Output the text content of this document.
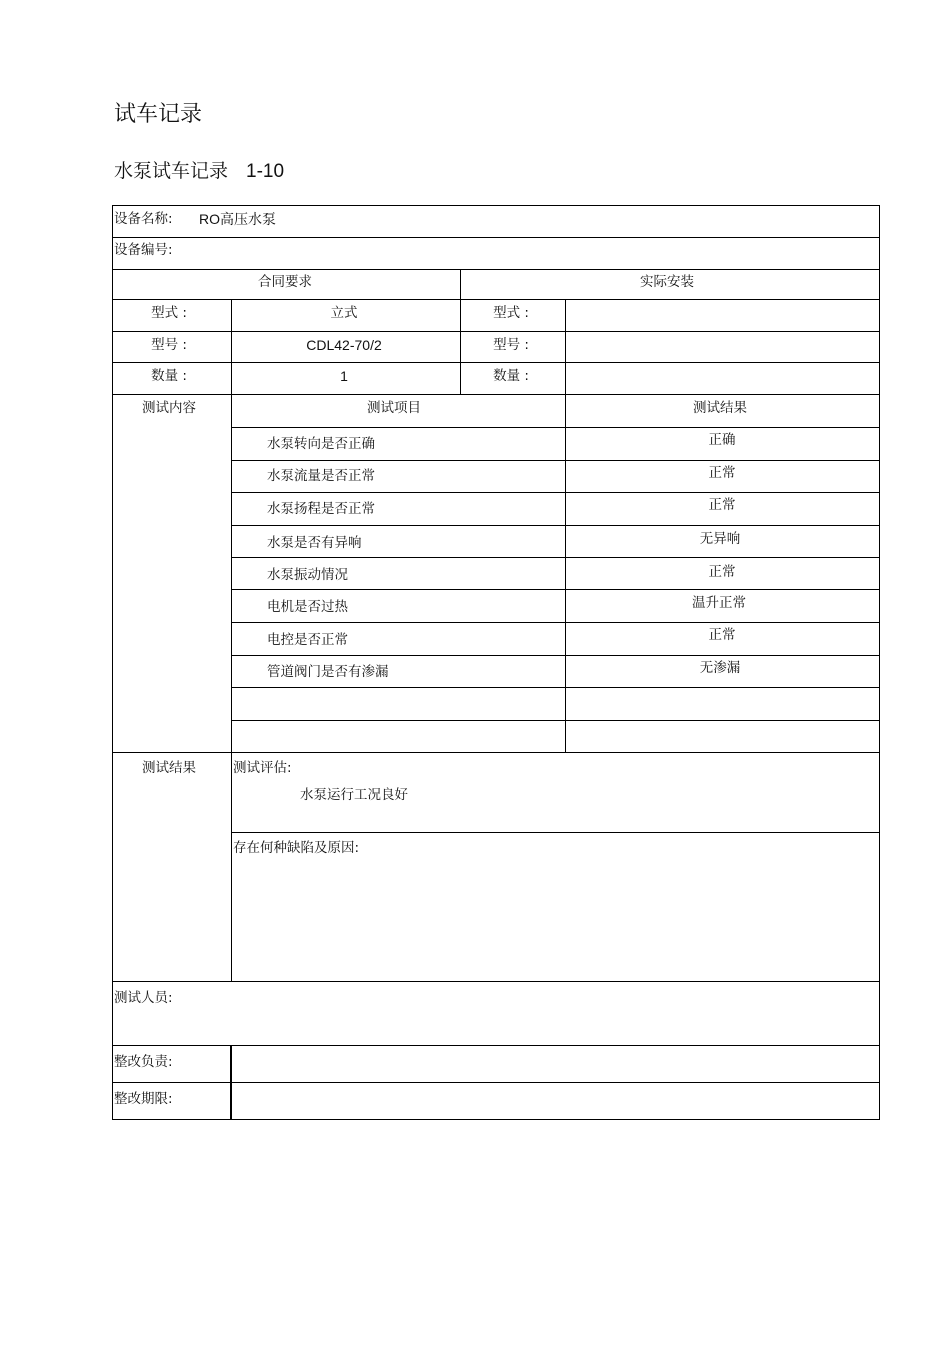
试车记录
水泵试车记录 1-10
设备名称: RO高压水泵
设备编号:
合同要求	实际安装
型式 :	立式	型式 :
型号 :	CDL42-70/2	型号 :
数量 :	1	数量 :
测试内容	测试项目	测试结果
水泵转向是否正确	正确
水泵流量是否正常	正常
水泵扬程是否正常	正常
水泵是否有异响	无异响
水泵振动情况	正常
电机是否过热	温升正常
电控是否正常	正常
管道阀门是否有渗漏	无渗漏
测试结果	测试评估:
水泵运行工况良好
存在何种缺陷及原因:
测试人员:
整改负责:
整改期限:
